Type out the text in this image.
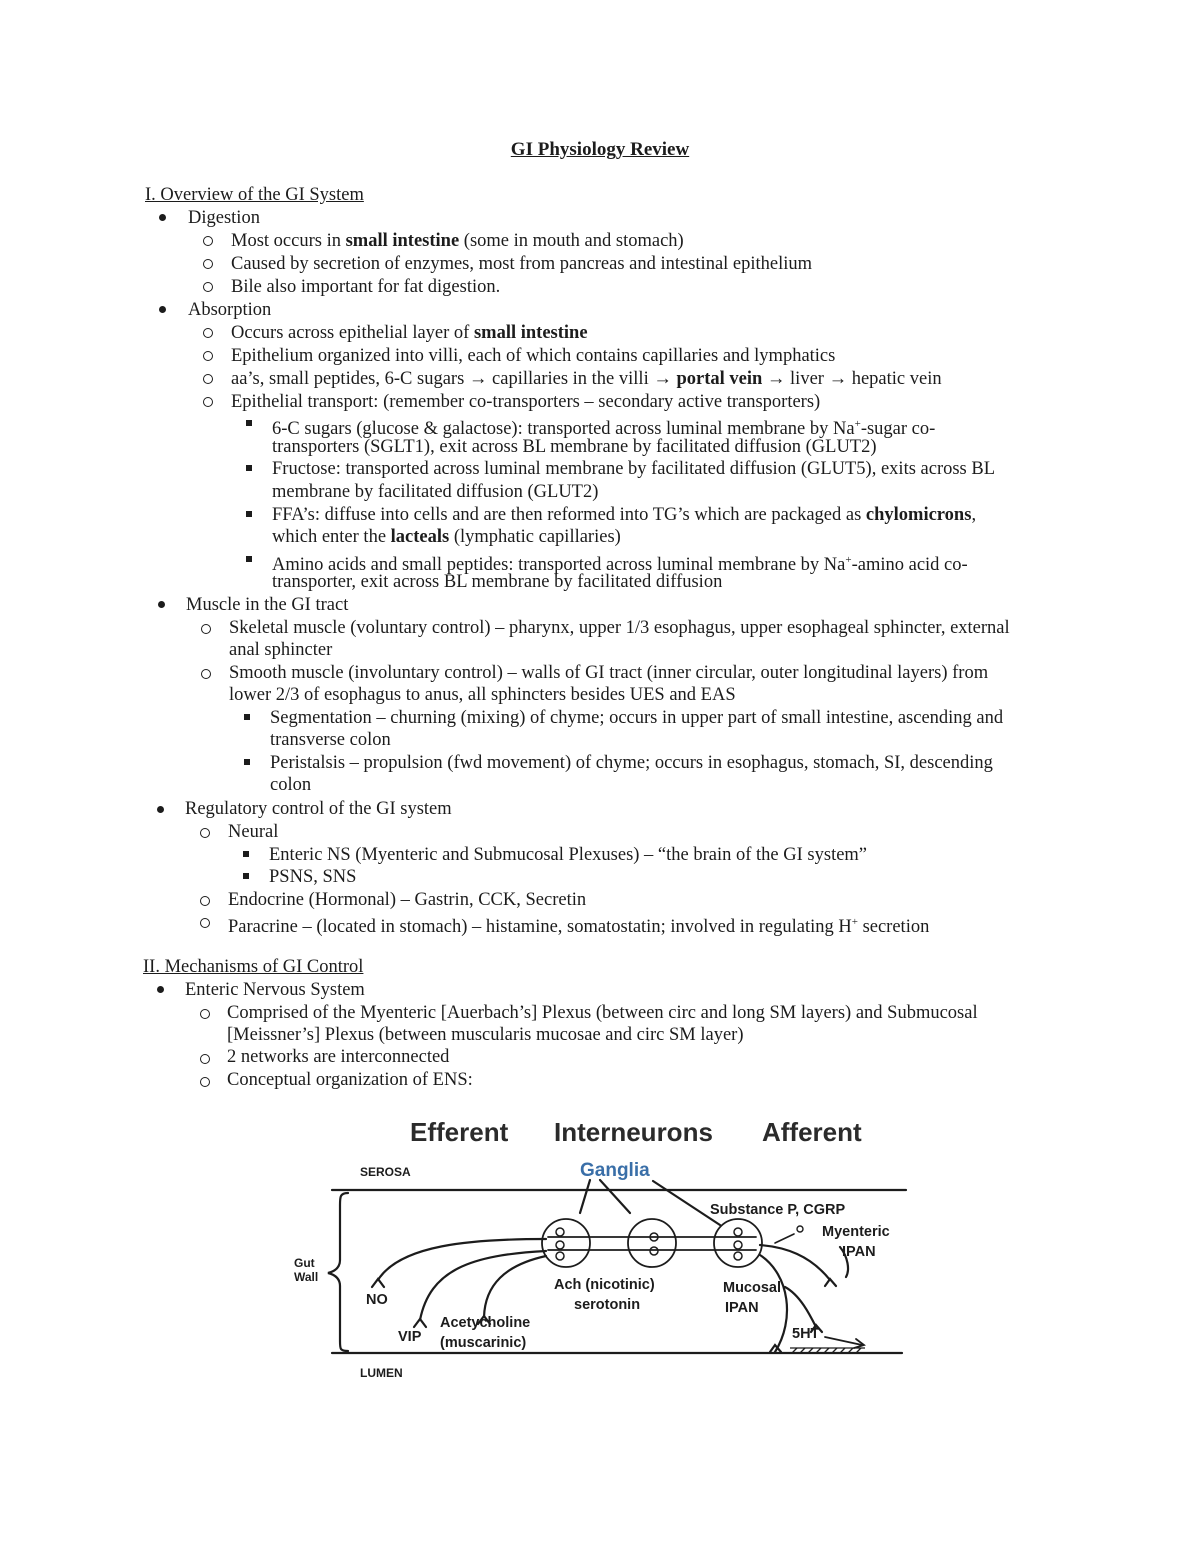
GI Physiology Review
I. Overview of the GI System
Digestion
Most occurs in small intestine (some in mouth and stomach)
Caused by secretion of enzymes, most from pancreas and intestinal epithelium
Bile also important for fat digestion.
Absorption
Occurs across epithelial layer of small intestine
Epithelium organized into villi, each of which contains capillaries and lymphatics
aa’s, small peptides, 6-C sugars → capillaries in the villi → portal vein → liver → hepatic vein
Epithelial transport: (remember co-transporters – secondary active transporters)
6-C sugars (glucose & galactose): transported across luminal membrane by Na+-sugar co-
transporters (SGLT1), exit across BL membrane by facilitated diffusion (GLUT2)
Fructose: transported across luminal membrane by facilitated diffusion (GLUT5), exits across BL
membrane by facilitated diffusion (GLUT2)
FFA’s: diffuse into cells and are then reformed into TG’s which are packaged as chylomicrons,
which enter the lacteals (lymphatic capillaries)
Amino acids and small peptides: transported across luminal membrane by Na+-amino acid co-
transporter, exit across BL membrane by facilitated diffusion
Muscle in the GI tract
Skeletal muscle (voluntary control) – pharynx, upper 1/3 esophagus, upper esophageal sphincter, external
anal sphincter
Smooth muscle (involuntary control) – walls of GI tract (inner circular, outer longitudinal layers) from
lower 2/3 of esophagus to anus, all sphincters besides UES and EAS
Segmentation – churning (mixing) of chyme; occurs in upper part of small intestine, ascending and
transverse colon
Peristalsis – propulsion (fwd movement) of chyme; occurs in esophagus, stomach, SI, descending
colon
Regulatory control of the GI system
Neural
Enteric NS (Myenteric and Submucosal Plexuses) – “the brain of the GI system”
PSNS, SNS
Endocrine (Hormonal) – Gastrin, CCK, Secretin
Paracrine – (located in stomach) – histamine, somatostatin; involved in regulating H+ secretion
II. Mechanisms of GI Control
Enteric Nervous System
Comprised of the Myenteric [Auerbach’s] Plexus (between circ and long SM layers) and Submucosal
[Meissner’s] Plexus (between muscularis mucosae and circ SM layer)
2 networks are interconnected
Conceptual organization of ENS:
Efferent Interneurons Afferent
Ganglia
SEROSA
LUMEN
Gut
Wall
Substance P, CGRP
Myenteric
IPAN
Ach (nicotinic)
serotonin
Mucosal
IPAN
NO
VIP
Acetycholine
(muscarinic)
5HT
